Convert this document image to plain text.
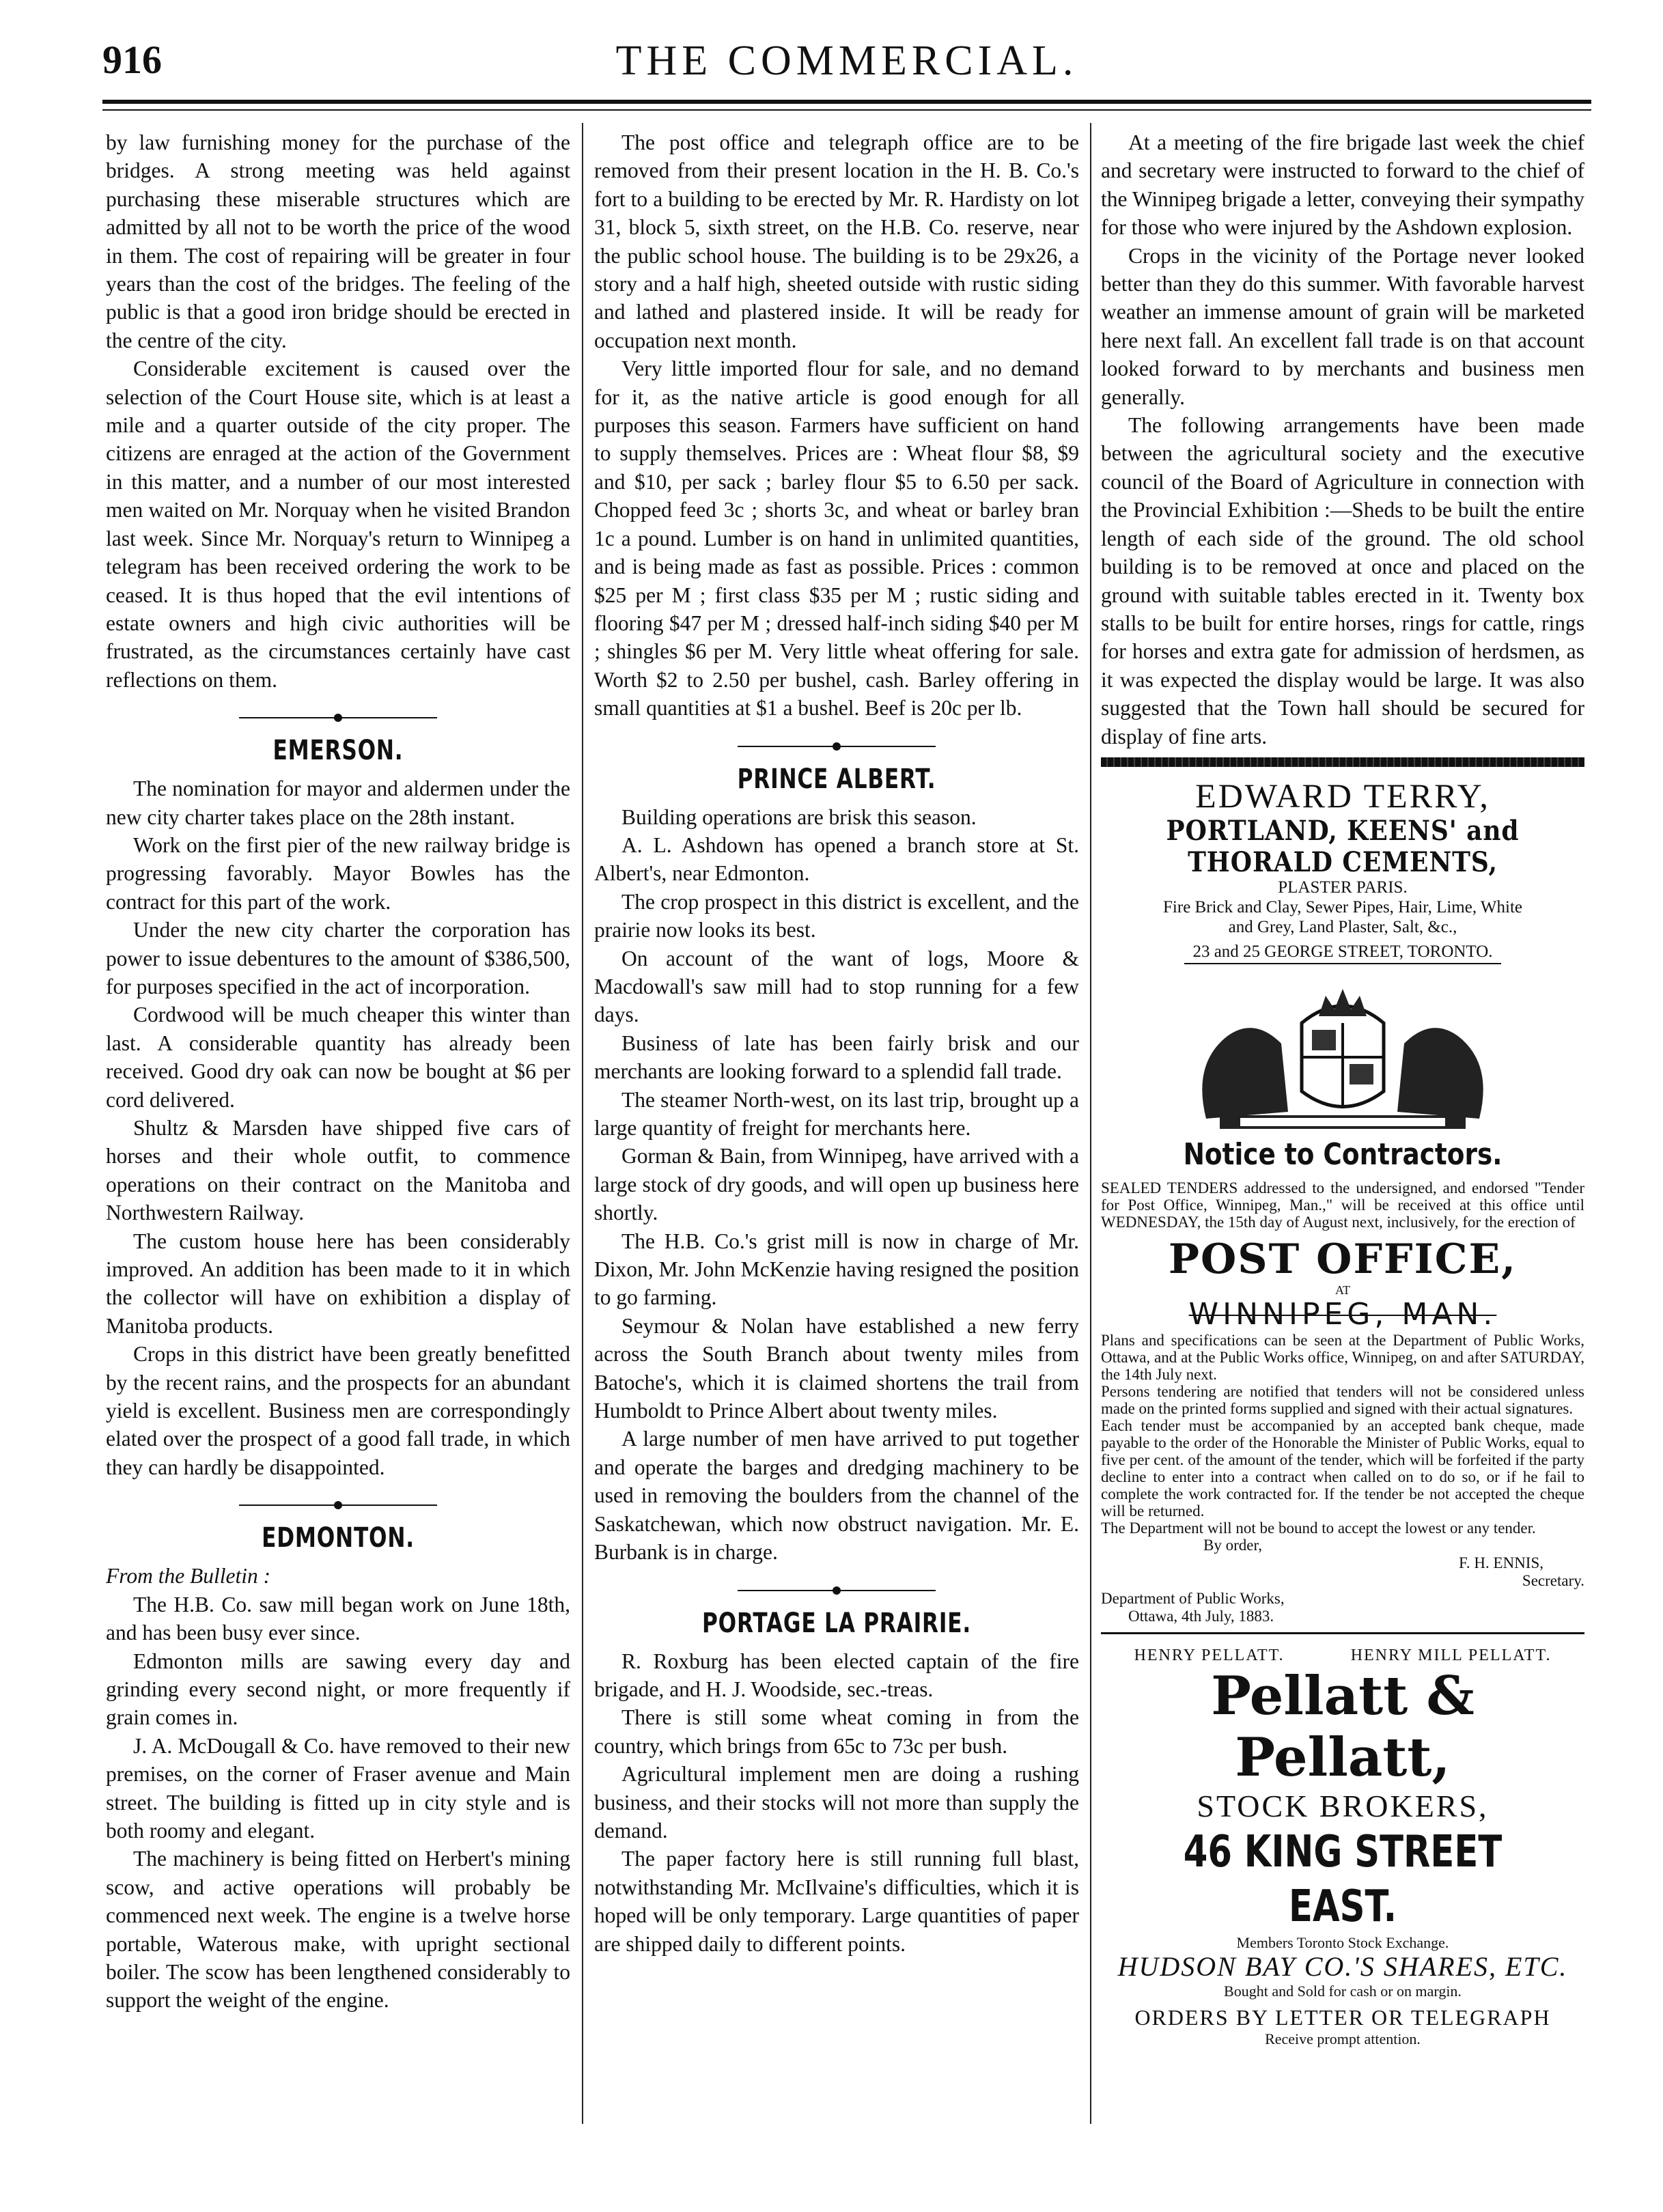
916	THE COMMERCIAL.

by law furnishing money for the purchase of the bridges. A strong meeting was held against purchasing these miserable structures which are admitted by all not to be worth the price of the wood in them. The cost of repairing will be greater in four years than the cost of the bridges. The feeling of the public is that a good iron bridge should be erected in the centre of the city.

Considerable excitement is caused over the selection of the Court House site, which is at least a mile and a quarter outside of the city proper. The citizens are enraged at the action of the Government in this matter, and a number of our most interested men waited on Mr. Norquay when he visited Brandon last week. Since Mr. Norquay's return to Winnipeg a telegram has been received ordering the work to be ceased. It is thus hoped that the evil intentions of estate owners and high civic authorities will be frustrated, as the circumstances certainly have cast reflections on them.

EMERSON.

The nomination for mayor and aldermen under the new city charter takes place on the 28th instant.

Work on the first pier of the new railway bridge is progressing favorably. Mayor Bowles has the contract for this part of the work.

Under the new city charter the corporation has power to issue debentures to the amount of $386,500, for purposes specified in the act of incorporation.

Cordwood will be much cheaper this winter than last. A considerable quantity has already been received. Good dry oak can now be bought at $6 per cord delivered.

Shultz & Marsden have shipped five cars of horses and their whole outfit, to commence operations on their contract on the Manitoba and Northwestern Railway.

The custom house here has been considerably improved. An addition has been made to it in which the collector will have on exhibition a display of Manitoba products.

Crops in this district have been greatly benefitted by the recent rains, and the prospects for an abundant yield is excellent. Business men are correspondingly elated over the prospect of a good fall trade, in which they can hardly be disappointed.

EDMONTON.

From the Bulletin :

The H.B. Co. saw mill began work on June 18th, and has been busy ever since.

Edmonton mills are sawing every day and grinding every second night, or more frequently if grain comes in.

J. A. McDougall & Co. have removed to their new premises, on the corner of Fraser avenue and Main street. The building is fitted up in city style and is both roomy and elegant.

The machinery is being fitted on Herbert's mining scow, and active operations will probably be commenced next week. The engine is a twelve horse portable, Waterous make, with upright sectional boiler. The scow has been lengthened considerably to support the weight of the engine.

The post office and telegraph office are to be removed from their present location in the H. B. Co.'s fort to a building to be erected by Mr. R. Hardisty on lot 31, block 5, sixth street, on the H.B. Co. reserve, near the public school house. The building is to be 29x26, a story and a half high, sheeted outside with rustic siding and lathed and plastered inside. It will be ready for occupation next month.

Very little imported flour for sale, and no demand for it, as the native article is good enough for all purposes this season. Farmers have sufficient on hand to supply themselves. Prices are : Wheat flour $8, $9 and $10, per sack ; barley flour $5 to 6.50 per sack. Chopped feed 3c ; shorts 3c, and wheat or barley bran 1c a pound. Lumber is on hand in unlimited quantities, and is being made as fast as possible. Prices : common $25 per M ; first class $35 per M ; rustic siding and flooring $47 per M ; dressed half-inch siding $40 per M ; shingles $6 per M. Very little wheat offering for sale. Worth $2 to 2.50 per bushel, cash. Barley offering in small quantities at $1 a bushel. Beef is 20c per lb.

PRINCE ALBERT.

Building operations are brisk this season.

A. L. Ashdown has opened a branch store at St. Albert's, near Edmonton.

The crop prospect in this district is excellent, and the prairie now looks its best.

On account of the want of logs, Moore & Macdowall's saw mill had to stop running for a few days.

Business of late has been fairly brisk and our merchants are looking forward to a splendid fall trade.

The steamer North-west, on its last trip, brought up a large quantity of freight for merchants here.

Gorman & Bain, from Winnipeg, have arrived with a large stock of dry goods, and will open up business here shortly.

The H.B. Co.'s grist mill is now in charge of Mr. Dixon, Mr. John McKenzie having resigned the position to go farming.

Seymour & Nolan have established a new ferry across the South Branch about twenty miles from Batoche's, which it is claimed shortens the trail from Humboldt to Prince Albert about twenty miles.

A large number of men have arrived to put together and operate the barges and dredging machinery to be used in removing the boulders from the channel of the Saskatchewan, which now obstruct navigation. Mr. E. Burbank is in charge.

PORTAGE LA PRAIRIE.

R. Roxburg has been elected captain of the fire brigade, and H. J. Woodside, sec.-treas.

There is still some wheat coming in from the country, which brings from 65c to 73c per bush.

Agricultural implement men are doing a rushing business, and their stocks will not more than supply the demand.

The paper factory here is still running full blast, notwithstanding Mr. McIlvaine's difficulties, which it is hoped will be only temporary. Large quantities of paper are shipped daily to different points.

At a meeting of the fire brigade last week the chief and secretary were instructed to forward to the chief of the Winnipeg brigade a letter, conveying their sympathy for those who were injured by the Ashdown explosion.

Crops in the vicinity of the Portage never looked better than they do this summer. With favorable harvest weather an immense amount of grain will be marketed here next fall. An excellent fall trade is on that account looked forward to by merchants and business men generally.

The following arrangements have been made between the agricultural society and the executive council of the Board of Agriculture in connection with the Provincial Exhibition :—Sheds to be built the entire length of each side of the ground. The old school building is to be removed at once and placed on the ground with suitable tables erected in it. Twenty box stalls to be built for entire horses, rings for cattle, rings for horses and extra gate for admission of herdsmen, as it was expected the display would be large. It was also suggested that the Town hall should be secured for display of fine arts.

EDWARD TERRY,
PORTLAND, KEENS' and THORALD CEMENTS,
PLASTER PARIS.
Fire Brick and Clay, Sewer Pipes, Hair, Lime, White
and Grey, Land Plaster, Salt, &c.,
23 and 25 GEORGE STREET, TORONTO.
Notice to Contractors.
SEALED TENDERS addressed to the undersigned, and endorsed "Tender for Post Office, Winnipeg, Man.," will be received at this office until WEDNESDAY, the 15th day of August next, inclusively, for the erection of
POST OFFICE,
AT
WINNIPEG, MAN.
Plans and specifications can be seen at the Department of Public Works, Ottawa, and at the Public Works office, Winnipeg, on and after SATURDAY, the 14th July next.
Persons tendering are notified that tenders will not be considered unless made on the printed forms supplied and signed with their actual signatures.
Each tender must be accompanied by an accepted bank cheque, made payable to the order of the Honorable the Minister of Public Works, equal to five per cent. of the amount of the tender, which will be forfeited if the party decline to enter into a contract when called on to do so, or if he fail to complete the work contracted for. If the tender be not accepted the cheque will be returned.
The Department will not be bound to accept the lowest or any tender.
By order,
F. H. ENNIS,
Secretary.
Department of Public Works,
Ottawa, 4th July, 1883.
HENRY PELLATT.	HENRY MILL PELLATT.
Pellatt & Pellatt,
STOCK BROKERS,
46 KING STREET EAST.
Members Toronto Stock Exchange.
HUDSON BAY CO.'S SHARES, ETC.
Bought and Sold for cash or on margin.
ORDERS BY LETTER OR TELEGRAPH
Receive prompt attention.
